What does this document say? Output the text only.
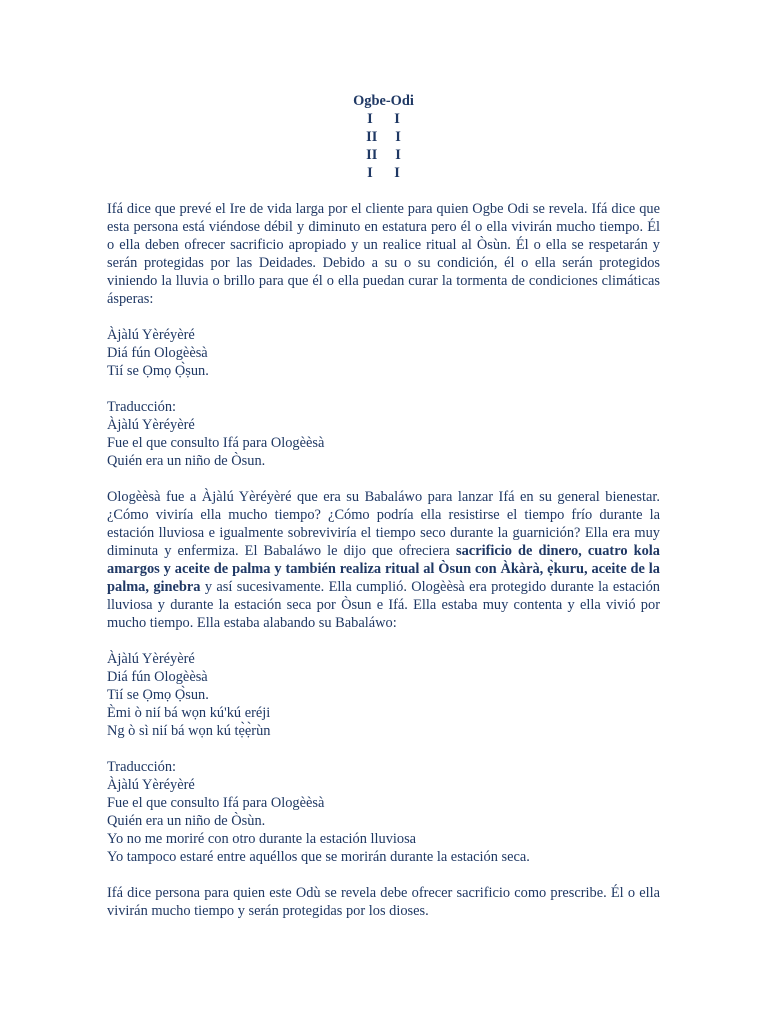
Ogbe-Odi
I      I
II     I
II     I
I      I

Ifá dice que prevé el Ire de vida larga por el cliente para quien Ogbe Odi se revela. Ifá dice que esta persona está viéndose débil y diminuto en estatura pero él o ella vivirán mucho tiempo. Él o ella deben ofrecer sacrificio apropiado y un realice ritual al Òsùn. Él o ella se respetarán y serán protegidas por las Deidades. Debido a su o su condición, él o ella serán protegidos viniendo la lluvia o brillo para que él o ella puedan curar la tormenta de condiciones climáticas ásperas:

Àjàlú Yèréyèré
Diá fún Ologèèsà
Tií se Ọmọ Ọ̀ṣun.
Traducción:
Àjàlú Yèréyèré
Fue el que consulto Ifá para Ologèèsà
Quién era un niño de Òsun.

Ologèèsà fue a Àjàlú Yèréyèré que era su Babaláwo para lanzar Ifá en su general bienestar. ¿Cómo viviría ella mucho tiempo? ¿Cómo podría ella resistirse el tiempo frío durante la estación lluviosa e igualmente sobreviviría el tiempo seco durante la guarnición? Ella era muy diminuta y enfermiza. El Babaláwo le dijo que ofreciera sacrificio de dinero, cuatro kola amargos y aceite de palma y también realiza ritual al Òsun con Àkàrà, ẹ̀kuru, aceite de la palma, ginebra y así sucesivamente. Ella cumplió. Ologèèsà era protegido durante la estación lluviosa y durante la estación seca por Òsun e Ifá. Ella estaba muy contenta y ella vivió por mucho tiempo. Ella estaba alabando su Babaláwo:

Àjàlú Yèréyèré
Diá fún Ologèèsà
Tií se Ọmọ Ọ̀sun.
Èmi ò nií bá wọn kú'kú eréji
Ng ò sì nií bá wọn kú tẹ̀ẹ̀rùn
Traducción:
Àjàlú Yèréyèré
Fue el que consulto Ifá para Ologèèsà
Quién era un niño de Òsùn.
Yo no me moriré con otro durante la estación lluviosa
Yo tampoco estaré entre aquéllos que se morirán durante la estación seca.

Ifá dice persona para quien este Odù se revela debe ofrecer sacrificio como prescribe. Él o ella vivirán mucho tiempo y serán protegidas por los dioses.
